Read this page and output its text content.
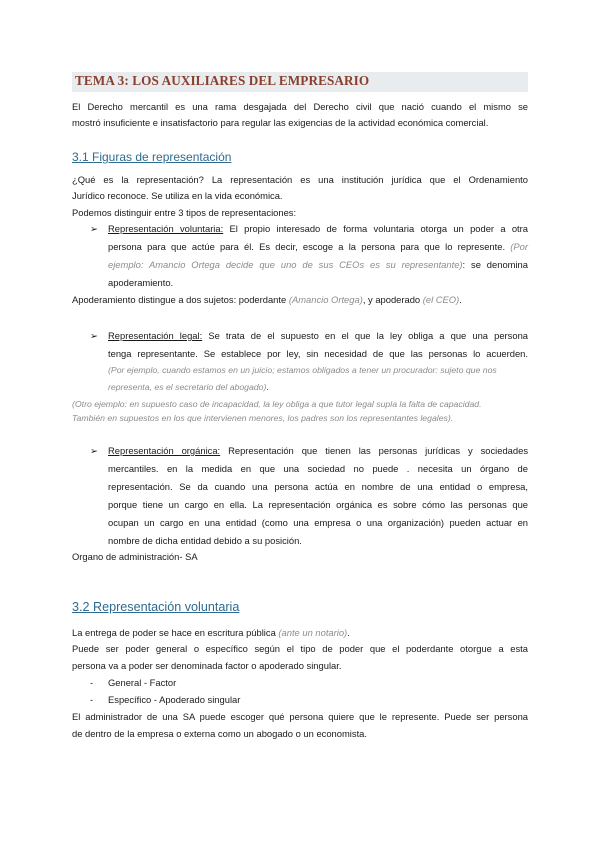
TEMA 3: LOS AUXILIARES DEL EMPRESARIO
El Derecho mercantil es una rama desgajada del Derecho civil que nació cuando el mismo se
mostró insuficiente e insatisfactorio para regular las exigencias de la actividad económica comercial.
3.1 Figuras de representación
¿Qué es la representación? La representación es una institución jurídica que el Ordenamiento
Jurídico reconoce. Se utiliza en la vida económica.
Podemos distinguir entre 3 tipos de representaciones:
➢ Representación voluntaria: El propio interesado de forma voluntaria otorga un poder a otra
persona para que actúe para él. Es decir, escoge a la persona para que lo represente. (Por
ejemplo: Amancio Ortega decide que uno de sus CEOs es su representante): se denomina
apoderamiento.
Apoderamiento distingue a dos sujetos: poderdante (Amancio Ortega), y apoderado (el CEO).
➢ Representación legal: Se trata de el supuesto en el que la ley obliga a que una persona
tenga representante. Se establece por ley, sin necesidad de que las personas lo acuerden.
(Por ejemplo, cuando estamos en un juicio; estamos obligados a tener un procurador: sujeto que nos
representa, es el secretario del abogado).
(Otro ejemplo: en supuesto caso de incapacidad, la ley obliga a que tutor legal supla la falta de capacidad.
También en supuestos en los que intervienen menores, los padres son los representantes legales).
➢ Representación orgánica: Representación que tienen las personas jurídicas y sociedades
mercantiles. en la medida en que una sociedad no puede . necesita un órgano de
representación. Se da cuando una persona actúa en nombre de una entidad o empresa,
porque tiene un cargo en ella. La representación orgánica es sobre cómo las personas que
ocupan un cargo en una entidad (como una empresa o una organización) pueden actuar en
nombre de dicha entidad debido a su posición.
Organo de administración- SA
3.2 Representación voluntaria
La entrega de poder se hace en escritura pública (ante un notario).
Puede ser poder general o específico según el tipo de poder que el poderdante otorgue a esta
persona va a poder ser denominada factor o apoderado singular.
- General - Factor
- Específico - Apoderado singular
El administrador de una SA puede escoger qué persona quiere que le represente. Puede ser persona
de dentro de la empresa o externa como un abogado o un economista.
